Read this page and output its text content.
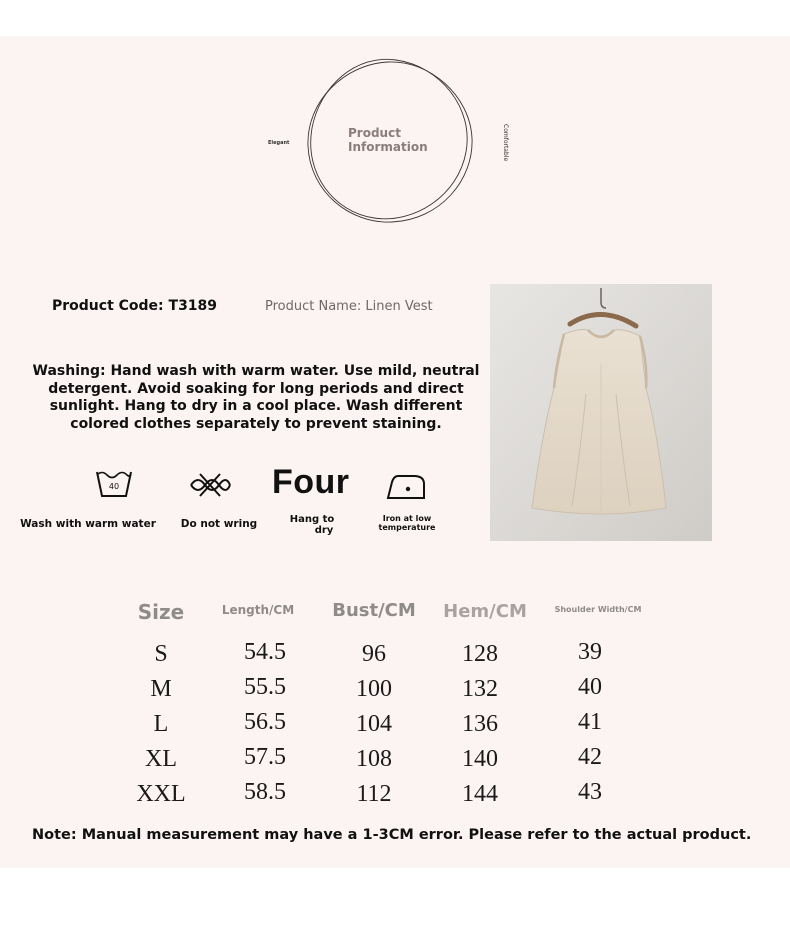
Product
Information
Elegant	Comfortable
Product Code: T3189	Product Name: Linen Vest
Washing: Hand wash with warm water. Use mild, neutral detergent. Avoid soaking for long periods and direct sunlight. Hang to dry in a cool place. Wash different colored clothes separately to prevent staining.
40
Wash with warm water	Do not wring
Four
Hang to
dry
Iron at low
temperature
Size	Length/CM	Bust/CM	Hem/CM	Shoulder Width/CM
S	54.5	96	128	39
M	55.5	100	132	40
L	56.5	104	136	41
XL	57.5	108	140	42
XXL	58.5	112	144	43
Note: Manual measurement may have a 1-3CM error. Please refer to the actual product.
